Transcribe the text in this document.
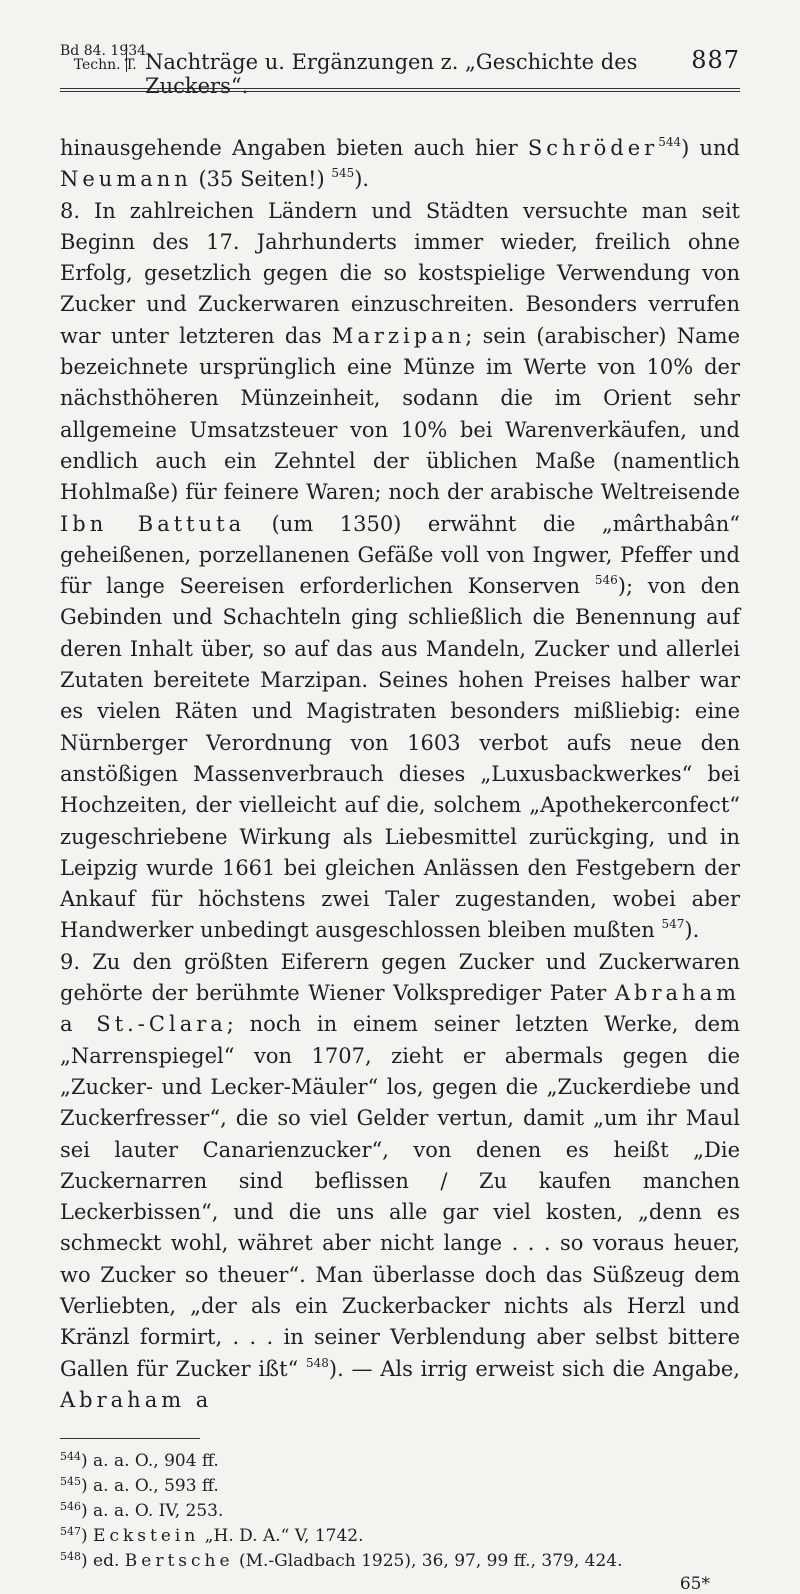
Bd 84. 1934.
Techn. T. Nachträge u. Ergänzungen z. „Geschichte des Zuckers“.
887

hinausgehende Angaben bieten auch hier Schröder$^{544}$) und Neumann (35 Seiten!) $^{545}$).

8. In zahlreichen Ländern und Städten versuchte man seit Beginn des 17. Jahrhunderts immer wieder, freilich ohne Erfolg, gesetzlich gegen die so kostspielige Verwendung von Zucker und Zuckerwaren einzuschreiten. Besonders verrufen war unter letzteren das Marzipan; sein (arabischer) Name bezeichnete ursprünglich eine Münze im Werte von 10% der nächsthöheren Münzeinheit, sodann die im Orient sehr allgemeine Umsatzsteuer von 10% bei Warenverkäufen, und endlich auch ein Zehntel der üblichen Maße (namentlich Hohlmaße) für feinere Waren; noch der arabische Weltreisende Ibn Battuta (um 1350) erwähnt die „mârthabân“ geheißenen, porzellanenen Gefäße voll von Ingwer, Pfeffer und für lange Seereisen erforderlichen Konserven $^{546}$); von den Gebinden und Schachteln ging schließlich die Benennung auf deren Inhalt über, so auf das aus Mandeln, Zucker und allerlei Zutaten bereitete Marzipan. Seines hohen Preises halber war es vielen Räten und Magistraten besonders mißliebig: eine Nürnberger Verordnung von 1603 verbot aufs neue den anstößigen Massenverbrauch dieses „Luxusbackwerkes“ bei Hochzeiten, der vielleicht auf die, solchem „Apothekerconfect“ zugeschriebene Wirkung als Liebesmittel zurückging, und in Leipzig wurde 1661 bei gleichen Anlässen den Festgebern der Ankauf für höchstens zwei Taler zugestanden, wobei aber Handwerker unbedingt ausgeschlossen bleiben mußten $^{547}$).

9. Zu den größten Eiferern gegen Zucker und Zuckerwaren gehörte der berühmte Wiener Volksprediger Pater Abraham a St.-Clara; noch in einem seiner letzten Werke, dem „Narrenspiegel“ von 1707, zieht er abermals gegen die „Zucker- und Lecker-Mäuler“ los, gegen die „Zuckerdiebe und Zuckerfresser“, die so viel Gelder vertun, damit „um ihr Maul sei lauter Canarienzucker“, von denen es heißt „Die Zuckernarren sind beflissen / Zu kaufen manchen Leckerbissen“, und die uns alle gar viel kosten, „denn es schmeckt wohl, währet aber nicht lange . . . so voraus heuer, wo Zucker so theuer“. Man überlasse doch das Süßzeug dem Verliebten, „der als ein Zuckerbacker nichts als Herzl und Kränzl formirt, . . . in seiner Verblendung aber selbst bittere Gallen für Zucker ißt“ $^{548}$). — Als irrig erweist sich die Angabe, Abraham a

$^{544}$) a. a. O., 904 ff.
$^{545}$) a. a. O., 593 ff.
$^{546}$) a. a. O. IV, 253.
$^{547}$) Eckstein „H. D. A.“ V, 1742.
$^{548}$) ed. Bertsche (M.-Gladbach 1925), 36, 97, 99 ff., 379, 424.
65*
